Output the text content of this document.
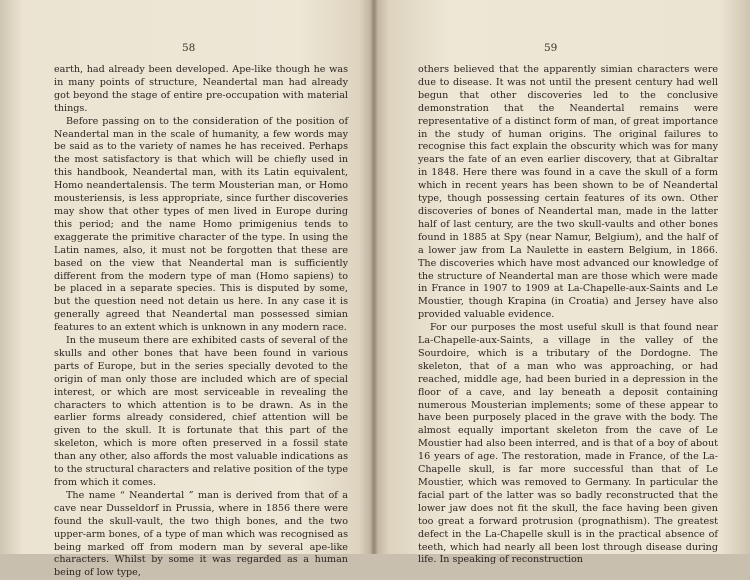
58

earth, had already been developed. Ape-like though he was in many points of structure, Neandertal man had already got beyond the stage of entire pre-occupation with material things.

Before passing on to the consideration of the position of Neandertal man in the scale of humanity, a few words may be said as to the variety of names he has received. Perhaps the most satisfactory is that which will be chiefly used in this handbook, Neandertal man, with its Latin equivalent, Homo neandertalensis. The term Mousterian man, or Homo mousteriensis, is less appropriate, since further discoveries may show that other types of men lived in Europe during this period; and the name Homo primigenius tends to exaggerate the primitive character of the type. In using the Latin names, also, it must not be forgotten that these are based on the view that Neandertal man is sufficiently different from the modern type of man (Homo sapiens) to be placed in a separate species. This is disputed by some, but the question need not detain us here. In any case it is generally agreed that Neandertal man possessed simian features to an extent which is unknown in any modern race.

In the museum there are exhibited casts of several of the skulls and other bones that have been found in various parts of Europe, but in the series specially devoted to the origin of man only those are included which are of special interest, or which are most serviceable in revealing the characters to which attention is to be drawn. As in the earlier forms already considered, chief attention will be given to the skull. It is fortunate that this part of the skeleton, which is more often preserved in a fossil state than any other, also affords the most valuable indications as to the structural characters and relative position of the type from which it comes.

The name “ Neandertal ” man is derived from that of a cave near Dusseldorf in Prussia, where in 1856 there were found the skull-vault, the two thigh bones, and the two upper-arm bones, of a type of man which was recognised as being marked off from modern man by several ape-like characters. Whilst by some it was regarded as a human being of low type,

59

others believed that the apparently simian characters were due to disease. It was not until the present century had well begun that other discoveries led to the conclusive demonstration that the Neandertal remains were representative of a distinct form of man, of great importance in the study of human origins. The original failures to recognise this fact explain the obscurity which was for many years the fate of an even earlier discovery, that at Gibraltar in 1848. Here there was found in a cave the skull of a form which in recent years has been shown to be of Neandertal type, though possessing certain features of its own. Other discoveries of bones of Neandertal man, made in the latter half of last century, are the two skull-vaults and other bones found in 1885 at Spy (near Namur, Belgium), and the half of a lower jaw from La Naulette in eastern Belgium, in 1866. The discoveries which have most advanced our knowledge of the structure of Neandertal man are those which were made in France in 1907 to 1909 at La-Chapelle-aux-Saints and Le Moustier, though Krapina (in Croatia) and Jersey have also provided valuable evidence.

For our purposes the most useful skull is that found near La-Chapelle-aux-Saints, a village in the valley of the Sourdoire, which is a tributary of the Dordogne. The skeleton, that of a man who was approaching, or had reached, middle age, had been buried in a depression in the floor of a cave, and lay beneath a deposit containing numerous Mousterian implements; some of these appear to have been purposely placed in the grave with the body. The almost equally important skeleton from the cave of Le Moustier had also been interred, and is that of a boy of about 16 years of age. The restoration, made in France, of the La-Chapelle skull, is far more successful than that of Le Moustier, which was removed to Germany. In particular the facial part of the latter was so badly reconstructed that the lower jaw does not fit the skull, the face having been given too great a forward protrusion (prognathism). The greatest defect in the La-Chapelle skull is in the practical absence of teeth, which had nearly all been lost through disease during life. In speaking of reconstruction
